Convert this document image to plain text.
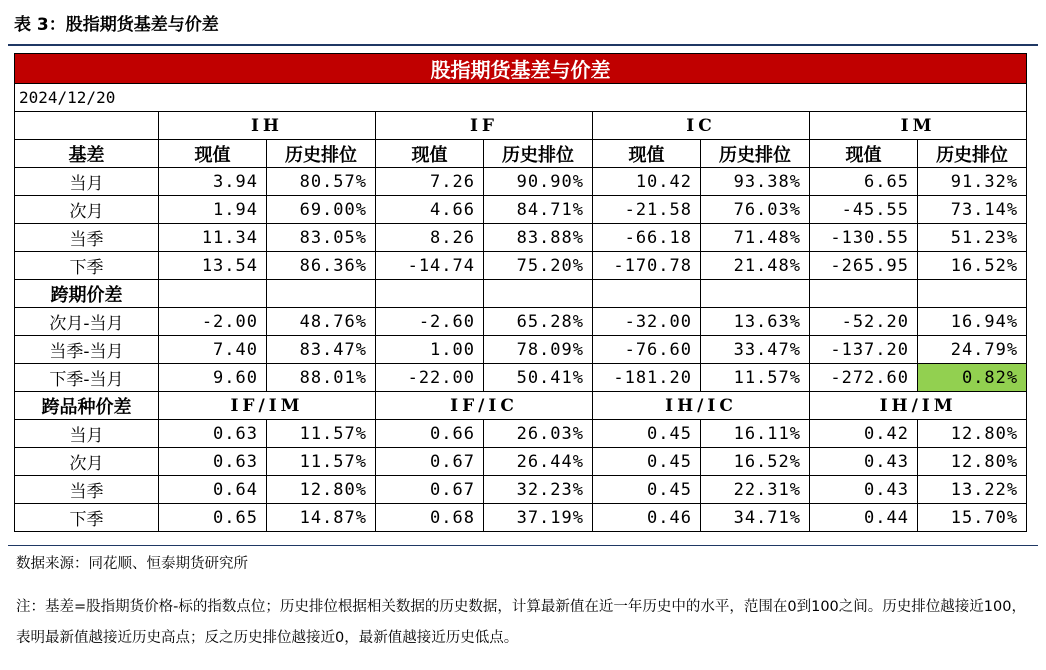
表 3：股指期货基差与价差
股指期货基差与价差								
2024/12/20								
	IH		IF		IC		IM	
基差	现值	历史排位	现值	历史排位	现值	历史排位	现值	历史排位
当月	3.94	80.57%	7.26	90.90%	10.42	93.38%	6.65	91.32%
次月	1.94	69.00%	4.66	84.71%	-21.58	76.03%	-45.55	73.14%
当季	11.34	83.05%	8.26	83.88%	-66.18	71.48%	-130.55	51.23%
下季	13.54	86.36%	-14.74	75.20%	-170.78	21.48%	-265.95	16.52%
跨期价差								
次月-当月	-2.00	48.76%	-2.60	65.28%	-32.00	13.63%	-52.20	16.94%
当季-当月	7.40	83.47%	1.00	78.09%	-76.60	33.47%	-137.20	24.79%
下季-当月	9.60	88.01%	-22.00	50.41%	-181.20	11.57%	-272.60	0.82%
跨品种价差	IF/IM		IF/IC		IH/IC		IH/IM	
当月	0.63	11.57%	0.66	26.03%	0.45	16.11%	0.42	12.80%
次月	0.63	11.57%	0.67	26.44%	0.45	16.52%	0.43	12.80%
当季	0.64	12.80%	0.67	32.23%	0.45	22.31%	0.43	13.22%
下季	0.65	14.87%	0.68	37.19%	0.46	34.71%	0.44	15.70%
数据来源：同花顺、恒泰期货研究所
注：基差=股指期货价格-标的指数点位；历史排位根据相关数据的历史数据，计算最新值在近一年历史中的水平，范围在0到100之间。历史排位越接近100，表明最新值越接近历史高点；反之历史排位越接近0，最新值越接近历史低点。
